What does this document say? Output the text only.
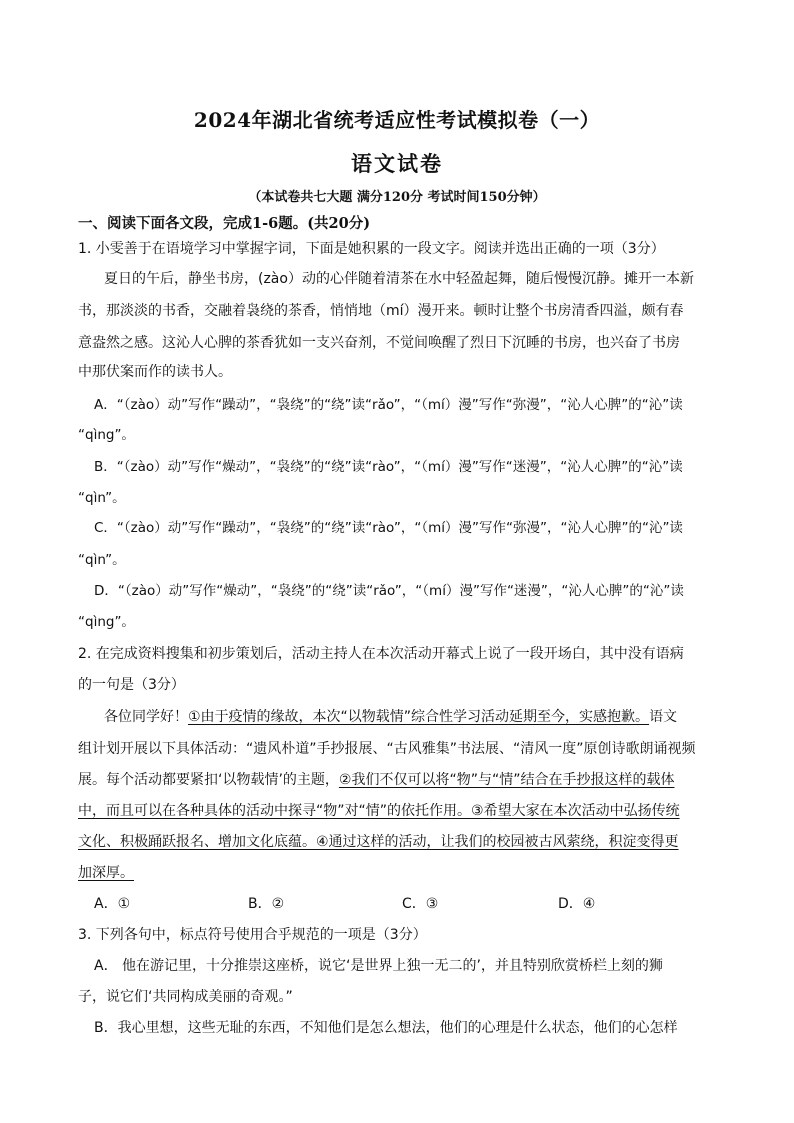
2024年湖北省统考适应性考试模拟卷（一）
语文试卷
（本试卷共七大题 满分120分 考试时间150分钟）
一、阅读下面各文段，完成1-6题。(共20分)
1. 小雯善于在语境学习中掌握字词，下面是她积累的一段文字。阅读并选出正确的一项（3分）
夏日的午后，静坐书房，(zào）动的心伴随着清茶在水中轻盈起舞，随后慢慢沉静。摊开一本新
书，那淡淡的书香，交融着袅绕的茶香，悄悄地（mí）漫开来。顿时让整个书房清香四溢，颇有春
意盎然之感。这沁人心脾的茶香犹如一支兴奋剂，不觉间唤醒了烈日下沉睡的书房，也兴奋了书房
中那伏案而作的读书人。
A．“（zào）动”写作“躁动”，“袅绕”的“绕”读“rǎo”，“（mí）漫”写作“弥漫”，“沁人心脾”的“沁”读
“qìng”。
B．“（zào）动”写作“燥动”，“袅绕”的“绕”读“rào”，“（mí）漫”写作“迷漫”，“沁人心脾”的“沁”读
“qìn”。
C．“（zào）动”写作“躁动”，“袅绕”的“绕”读“rào”，“（mí）漫”写作“弥漫”，“沁人心脾”的“沁”读
“qìn”。
D．“（zào）动”写作“燥动”，“袅绕”的“绕”读“rǎo”，“（mí）漫”写作“迷漫”，“沁人心脾”的“沁”读
“qìng”。
2. 在完成资料搜集和初步策划后，活动主持人在本次活动开幕式上说了一段开场白，其中没有语病
的一句是（3分）
各位同学好！①由于疫情的缘故，本次“以物载情”综合性学习活动延期至今，实感抱歉。语文
组计划开展以下具体活动：“遗风朴道”手抄报展、“古风雅集”书法展、“清风一度”原创诗歌朗诵视频
展。每个活动都要紧扣‘以物载情’的主题，②我们不仅可以将“物”与“情”结合在手抄报这样的载体
中，而且可以在各种具体的活动中探寻“物”对“情”的依托作用。③希望大家在本次活动中弘扬传统
文化、积极踊跃报名、增加文化底蕴。④通过这样的活动，让我们的校园被古风萦绕，积淀变得更
加深厚。
A．①	B．②	C．③	D．④
3. 下列各句中，标点符号使用合乎规范的一项是（3分）
A． 他在游记里，十分推崇这座桥，说它‘是世界上独一无二的’，并且特别欣赏桥栏上刻的狮
子，说它们‘共同构成美丽的奇观。”
B．我心里想，这些无耻的东西，不知他们是怎么想法，他们的心理是什么状态，他们的心怎样
